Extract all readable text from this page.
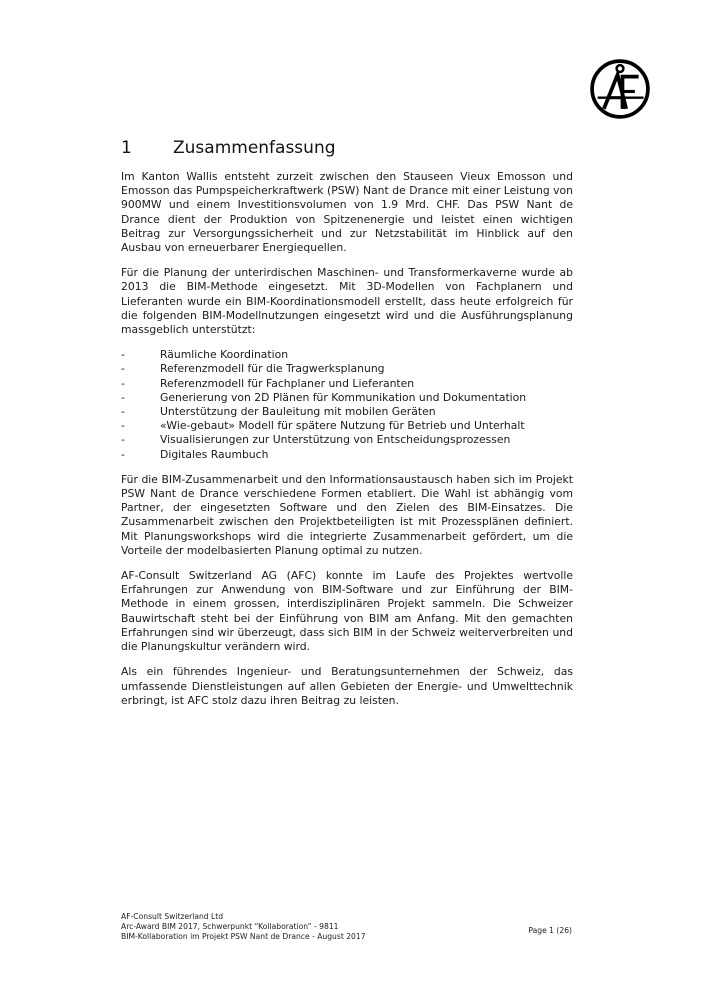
1 Zusammenfassung

Im Kanton Wallis entsteht zurzeit zwischen den Stauseen Vieux Emosson und Emosson das Pumpspeicherkraftwerk (PSW) Nant de Drance mit einer Leistung von 900MW und einem Investitionsvolumen von 1.9 Mrd. CHF. Das PSW Nant de Drance dient der Produktion von Spitzenenergie und leistet einen wichtigen Beitrag zur Versorgungssicherheit und zur Netzstabilität im Hinblick auf den Ausbau von erneuerbarer Energiequellen.

Für die Planung der unterirdischen Maschinen- und Transformerkaverne wurde ab 2013 die BIM-Methode eingesetzt. Mit 3D-Modellen von Fachplanern und Lieferanten wurde ein BIM-Koordinationsmodell erstellt, dass heute erfolgreich für die folgenden BIM-Modellnutzungen eingesetzt wird und die Ausführungsplanung massgeblich unterstützt:

- Räumliche Koordination
- Referenzmodell für die Tragwerksplanung
- Referenzmodell für Fachplaner und Lieferanten
- Generierung von 2D Plänen für Kommunikation und Dokumentation
- Unterstützung der Bauleitung mit mobilen Geräten
- «Wie-gebaut» Modell für spätere Nutzung für Betrieb und Unterhalt
- Visualisierungen zur Unterstützung von Entscheidungsprozessen
- Digitales Raumbuch

Für die BIM-Zusammenarbeit und den Informationsaustausch haben sich im Projekt PSW Nant de Drance verschiedene Formen etabliert. Die Wahl ist abhängig vom Partner, der eingesetzten Software und den Zielen des BIM-Einsatzes. Die Zusammenarbeit zwischen den Projektbeteiligten ist mit Prozessplänen definiert. Mit Planungsworkshops wird die integrierte Zusammenarbeit gefördert, um die Vorteile der modelbasierten Planung optimal zu nutzen.

AF-Consult Switzerland AG (AFC) konnte im Laufe des Projektes wertvolle Erfahrungen zur Anwendung von BIM-Software und zur Einführung der BIM-Methode in einem grossen, interdisziplinären Projekt sammeln. Die Schweizer Bauwirtschaft steht bei der Einführung von BIM am Anfang. Mit den gemachten Erfahrungen sind wir überzeugt, dass sich BIM in der Schweiz weiterverbreiten und die Planungskultur verändern wird.

Als ein führendes Ingenieur- und Beratungsunternehmen der Schweiz, das umfassende Dienstleistungen auf allen Gebieten der Energie- und Umwelttechnik erbringt, ist AFC stolz dazu ihren Beitrag zu leisten.

AF-Consult Switzerland Ltd
Arc-Award BIM 2017, Schwerpunkt “Kollaboration” - 9811
BIM-Kollaboration im Projekt PSW Nant de Drance - August 2017
Page 1 (26)
